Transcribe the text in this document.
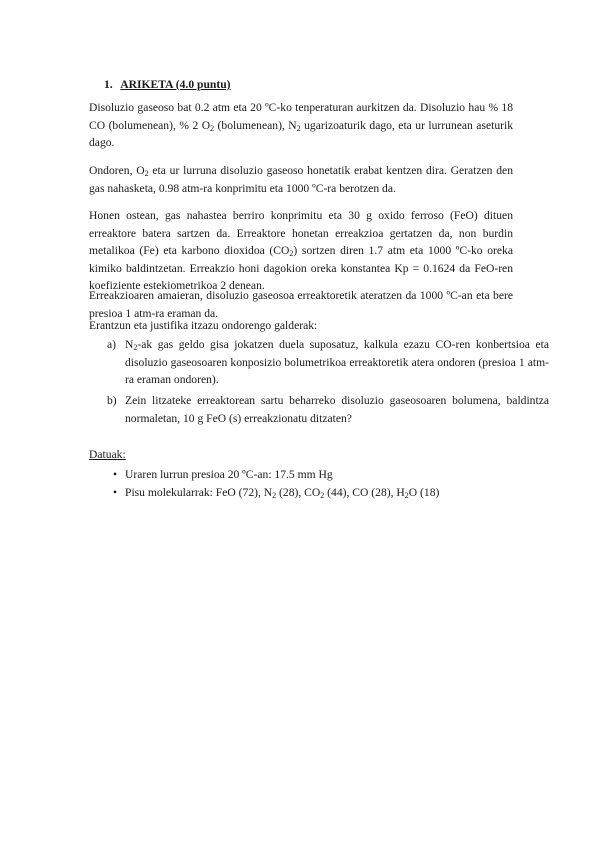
1. ARIKETA (4.0 puntu)
Disoluzio gaseoso bat 0.2 atm eta 20 ºC-ko tenperaturan aurkitzen da. Disoluzio hau % 18 CO (bolumenean), % 2 $O_2$ (bolumenean), $N_2$ ugarizoaturik dago, eta ur lurrunean aseturik dago.
Ondoren, $O_2$ eta ur lurruna disoluzio gaseoso honetatik erabat kentzen dira. Geratzen den gas nahasketa, 0.98 atm-ra konprimitu eta 1000 ºC-ra berotzen da.
Honen ostean, gas nahastea berriro konprimitu eta 30 g oxido ferroso (FeO) dituen erreaktore batera sartzen da. Erreaktore honetan erreakzioa gertatzen da, non burdin metalikoa (Fe) eta karbono dioxidoa $(CO_2)$ sortzen diren 1.7 atm eta 1000 ºC-ko oreka kimiko baldintzetan. Erreakzio honi dagokion oreka konstantea Kp = 0.1624 da FeO-ren koefiziente estekiometrikoa 2 denean.
Erreakzioaren amaieran, disoluzio gaseosoa erreaktoretik ateratzen da 1000 ºC-an eta bere presioa 1 atm-ra eraman da.
Erantzun eta justifika itzazu ondorengo galderak:
a) $N_2-ak$ gas geldo gisa jokatzen duela suposatuz, kalkula ezazu CO-ren konbertsioa eta disoluzio gaseosoaren konposizio bolumetrikoa erreaktoretik atera ondoren (presioa 1 atm-ra eraman ondoren).
b) Zein litzateke erreaktorean sartu beharreko disoluzio gaseosoaren bolumena, baldintza normaletan, 10 g FeO (s) erreakzionatu ditzaten?
Datuak:
• Uraren lurrun presioa 20 ºC-an: 17.5 mm Hg
• Pisu molekularrak: FeO (72), $N_2$ (28), $CO_2$ (44), CO (28), $H_2O$ (18)
